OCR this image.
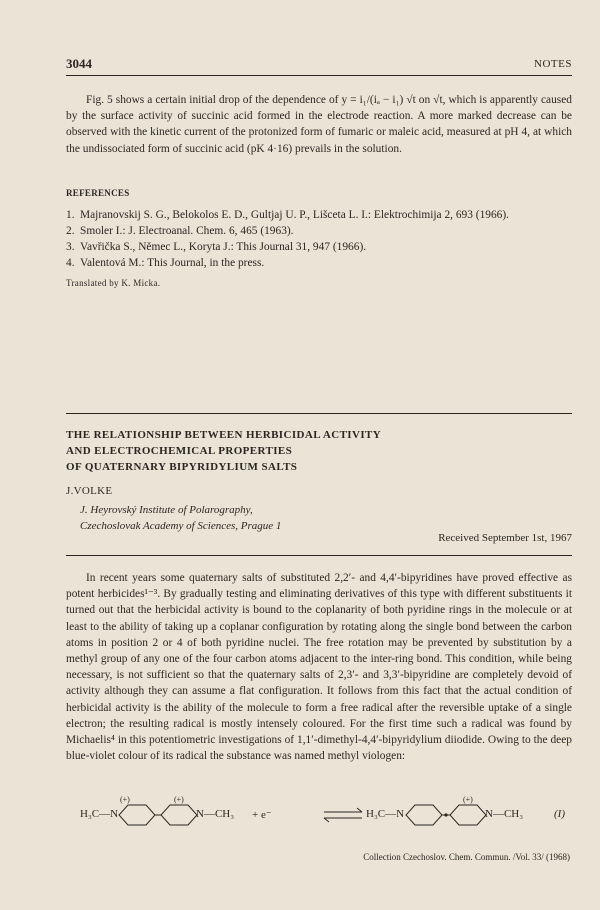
3044	NOTES

Fig. 5 shows a certain initial drop of the dependence of y = i₁/(iₐ − i₁) √t on √t, which is apparently caused by the surface activity of succinic acid formed in the electrode reaction. A more marked decrease can be observed with the kinetic current of the protonized form of fumaric or maleic acid, measured at pH 4, at which the undissociated form of succinic acid (pK 4·16) prevails in the solution.

REFERENCES
1. Majranovskij S. G., Belokolos E. D., Gultjaj U. P., Lišceta L. I.: Elektrochimija 2, 693 (1966).
2. Smoler I.: J. Electroanal. Chem. 6, 465 (1963).
3. Vavřička S., Němec L., Koryta J.: This Journal 31, 947 (1966).
4. Valentová M.: This Journal, in the press.
Translated by K. Micka.
THE RELATIONSHIP BETWEEN HERBICIDAL ACTIVITY
AND ELECTROCHEMICAL PROPERTIES
OF QUATERNARY BIPYRIDYLIUM SALTS
J.VOLKE
J. Heyrovský Institute of Polarography,
Czechoslovak Academy of Sciences, Prague 1
Received September 1st, 1967

In recent years some quaternary salts of substituted 2,2′- and 4,4′-bipyridines have proved effective as potent herbicides¹⁻³. By gradually testing and eliminating derivatives of this type with different substituents it turned out that the herbicidal activity is bound to the coplanarity of both pyridine rings in the molecule or at least to the ability of taking up a coplanar configuration by rotating along the single bond between the carbon atoms in position 2 or 4 of both pyridine nuclei. The free rotation may be prevented by substitution by a methyl group of any one of the four carbon atoms adjacent to the inter-ring bond. This condition, while being necessary, is not sufficient so that the quaternary salts of 2,3′- and 3,3′-bipyridine are completely devoid of activity although they can assume a flat configuration. It follows from this fact that the actual condition of herbicidal activity is the ability of the molecule to form a free radical after the reversible uptake of a single electron; the resulting radical is mostly intensely coloured. For the first time such a radical was found by Michaelis⁴ in this potentiometric investigations of 1,1′-dimethyl-4,4′-bipyridylium diiodide. Owing to the deep blue-violet colour of its radical the substance was named methyl viologen:

H₃C—N
(+)	(+)
N—CH₃ + e⁻	H₃C—N
(+)
N—CH₃	(I)
Collection Czechoslov. Chem. Commun. /Vol. 33/ (1968)
